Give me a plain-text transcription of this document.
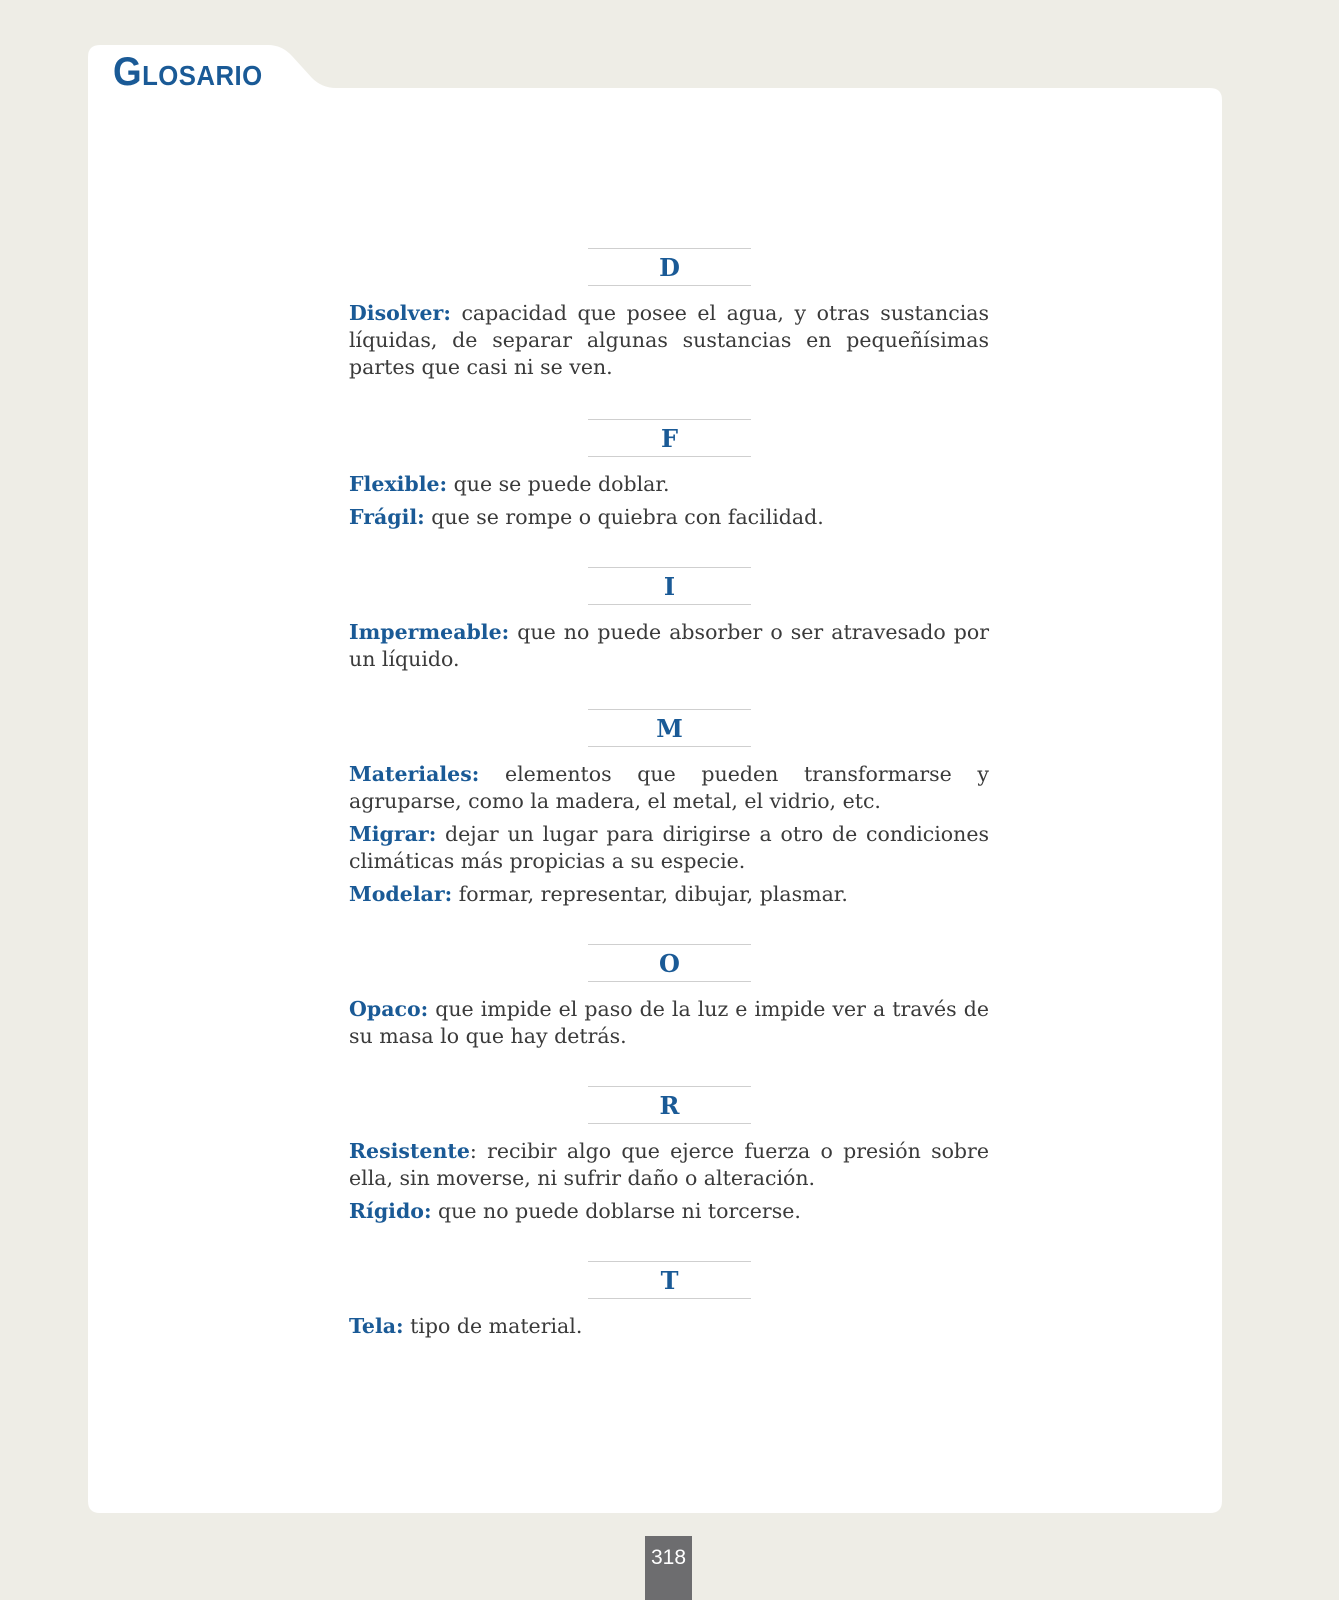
GLOSARIO
D

Disolver: capacidad que posee el agua, y otras sustancias líquidas, de separar algunas sustancias en pequeñísimas partes que casi ni se ven.

F

Flexible: que se puede doblar.

Frágil: que se rompe o quiebra con facilidad.

I

Impermeable: que no puede absorber o ser atravesado por un líquido.

M

Materiales: elementos que pueden transformarse y agruparse, como la madera, el metal, el vidrio, etc.

Migrar: dejar un lugar para dirigirse a otro de condiciones climáticas más propicias a su especie.

Modelar: formar, representar, dibujar, plasmar.

O

Opaco: que impide el paso de la luz e impide ver a través de su masa lo que hay detrás.

R

Resistente: recibir algo que ejerce fuerza o presión sobre ella, sin moverse, ni sufrir daño o alteración.

Rígido: que no puede doblarse ni torcerse.

T

Tela: tipo de material.

318
